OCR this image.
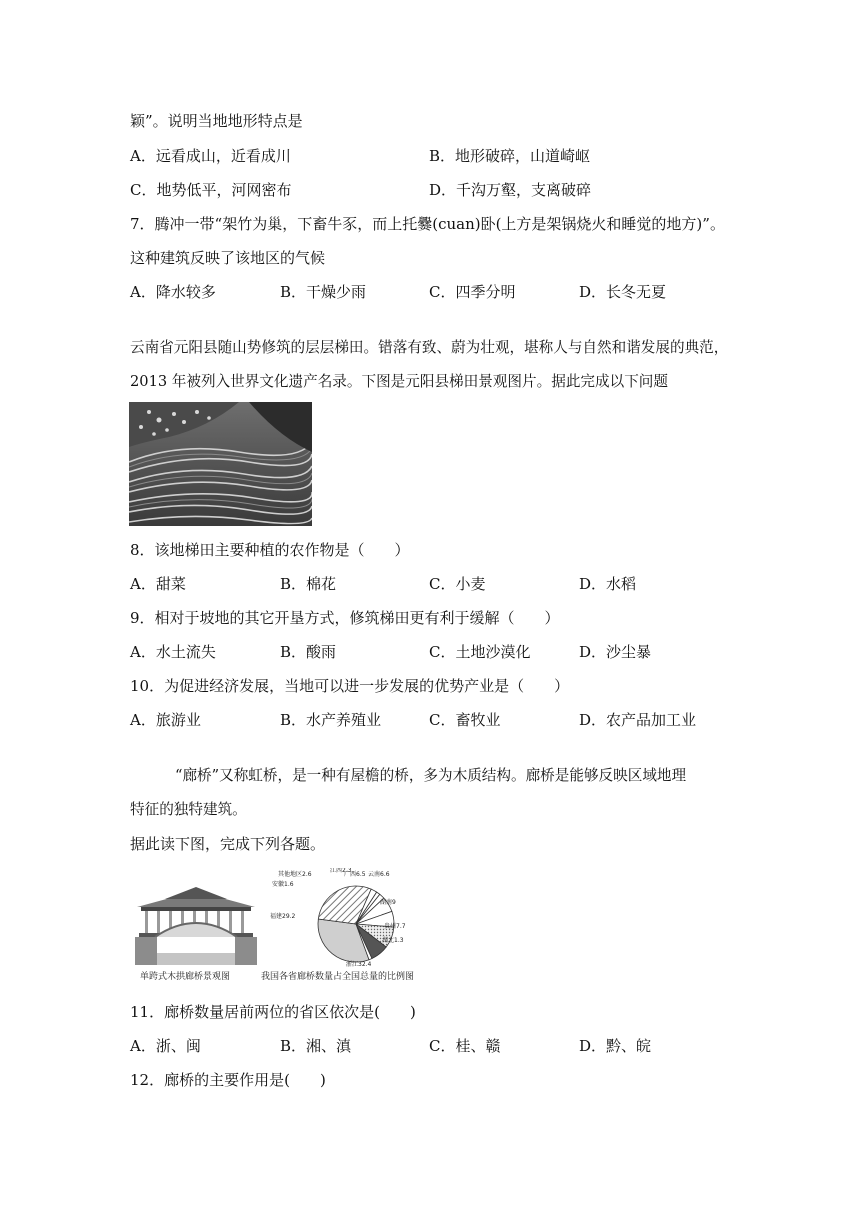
颖”。说明当地地形特点是
A．远看成山，近看成川	B．地形破碎，山道崎岖
C．地势低平，河网密布	D．千沟万壑，支离破碎
7．腾冲一带“架竹为巢，下畜牛豕，而上托爨(cuan)卧(上方是架锅烧火和睡觉的地方)”。
这种建筑反映了该地区的气候
A．降水较多	B．干燥少雨	C．四季分明	D．长冬无夏
云南省元阳县随山势修筑的层层梯田。错落有致、蔚为壮观，堪称人与自然和谐发展的典范，
2013 年被列入世界文化遗产名录。下图是元阳县梯田景观图片。据此完成以下问题
8．该地梯田主要种植的农作物是（　　）
A．甜菜	B．棉花	C．小麦	D．水稻
9．相对于坡地的其它开垦方式，修筑梯田更有利于缓解（　　）
A．水土流失	B．酸雨	C．土地沙漠化	D．沙尘暴
10．为促进经济发展，当地可以进一步发展的优势产业是（　　）
A．旅游业	B．水产养殖业	C．畜牧业	D．农产品加工业
“廊桥”又称虹桥，是一种有屋檐的桥，多为木质结构。廊桥是能够反映区域地理
特征的独特建筑。
据此读下图，完成下列各题。
单跨式木拱廊桥景观图
浙江32.4
福建29.2
其他地区2.6
安徽1.6
江西2.3
广西6.5 云南6.6
湖南9
贵州7.7
湖北1.3
我国各省廊桥数量占全国总量的比例图
11．廊桥数量居前两位的省区依次是(　　)
A．浙、闽	B．湘、滇	C．桂、赣	D．黔、皖
12．廊桥的主要作用是(　　)
